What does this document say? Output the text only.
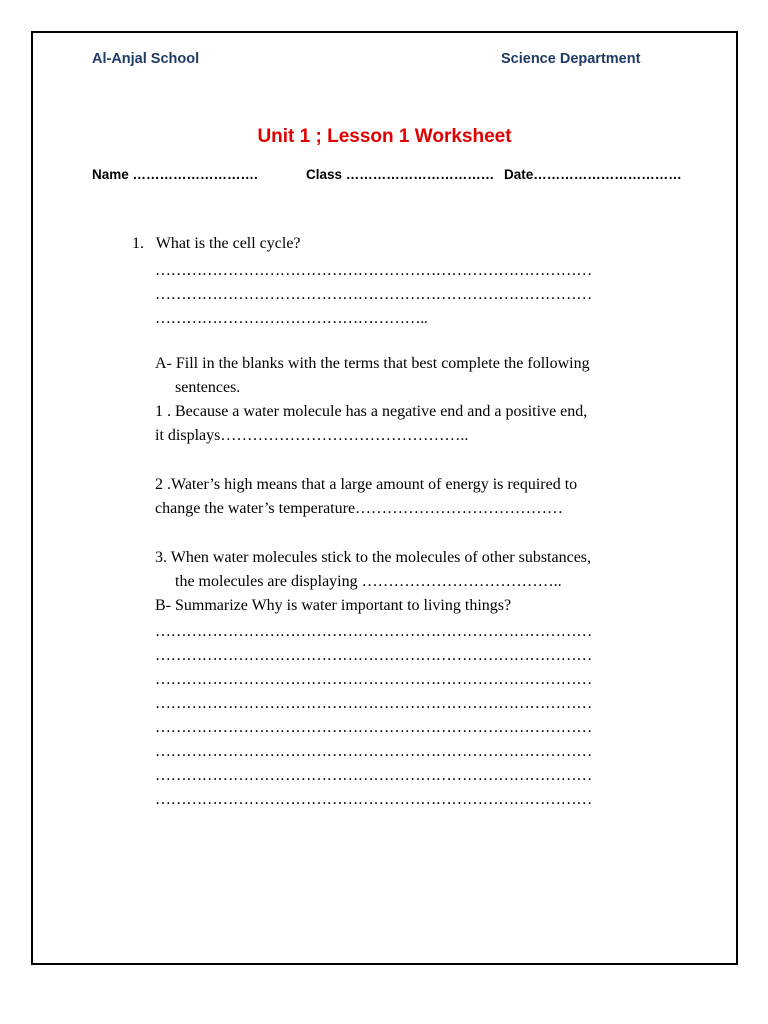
Al-Anjal School	Science Department
Unit 1 ; Lesson 1 Worksheet
Name ……………………….	Class …………………………… Date……………………………
1. What is the cell cycle?
…………………………………………………………………………
…………………………………………………………………………
……………………………………………..
A- Fill in the blanks with the terms that best complete the following
sentences.
1 . Because a water molecule has a negative end and a positive end,
it displays………………………………………..
2 .Water’s high means that a large amount of energy is required to
change the water’s temperature…………………………………
3. When water molecules stick to the molecules of other substances,
the molecules are displaying ………………………………..
B- Summarize Why is water important to living things?
…………………………………………………………………………
…………………………………………………………………………
…………………………………………………………………………
…………………………………………………………………………
…………………………………………………………………………
…………………………………………………………………………
…………………………………………………………………………
…………………………………………………………………………
